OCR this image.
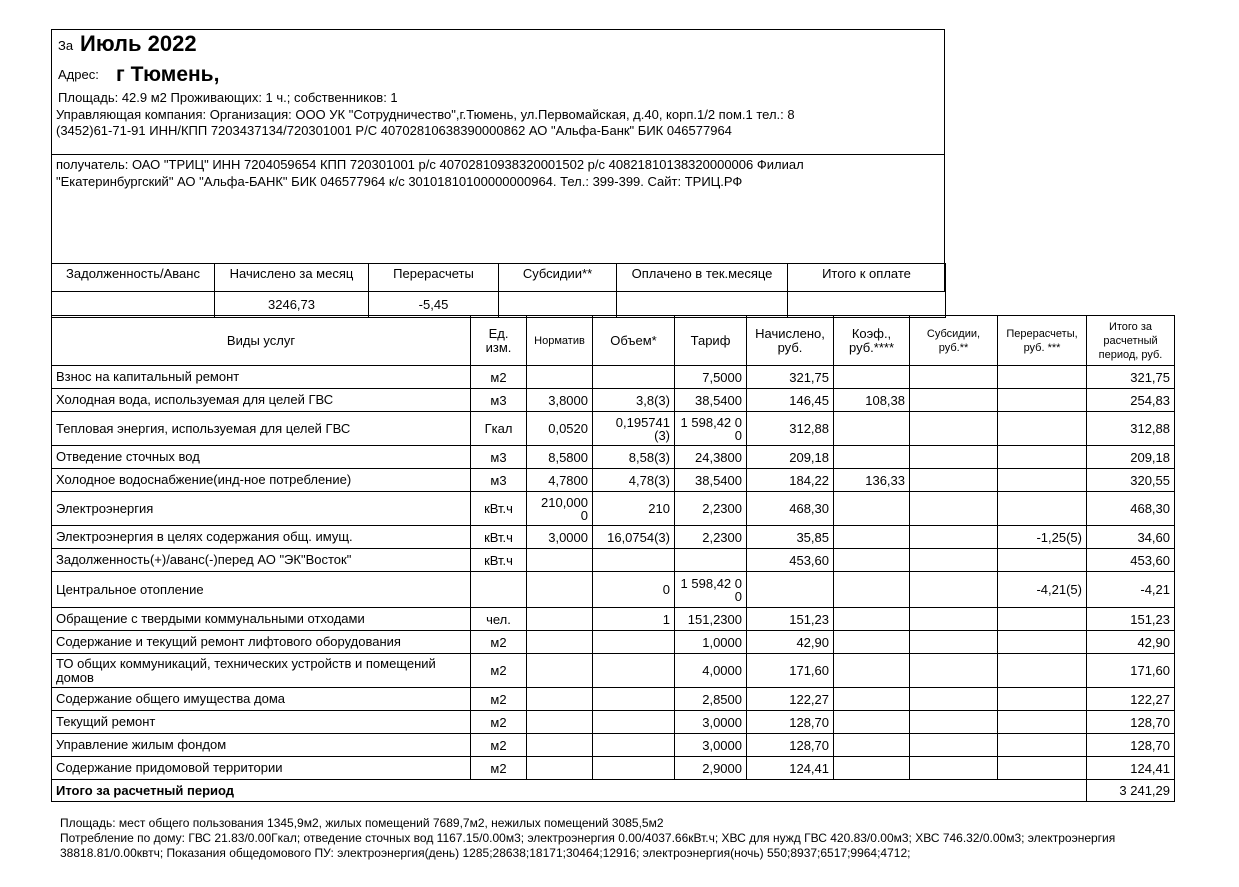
За Июль 2022
Адрес: г Тюмень,
Площадь: 42.9 м2 Проживающих: 1 ч.; собственников: 1
Управляющая компания: Организация: ООО УК "Сотрудничество",г.Тюмень, ул.Первомайская, д.40, корп.1/2 пом.1 тел.: 8
(3452)61-71-91 ИНН/КПП 7203437134/720301001 Р/С 40702810638390000862 АО "Альфа-Банк" БИК 046577964
получатель: ОАО "ТРИЦ" ИНН 7204059654 КПП 720301001 р/с 40702810938320001502 р/с 40821810138320000006 Филиал
"Екатеринбургский" АО "Альфа-БАНК" БИК 046577964 к/с 30101810100000000964. Тел.: 399-399. Сайт: ТРИЦ.РФ
Задолженность/Аванс	Начислено за месяц	Перерасчеты	Субсидии**	Оплачено в тек.месяце	Итого к оплате
	3246,73	-5,45			
Виды услуг	Ед. изм.	Норматив	Объем*	Тариф	Начислено, руб.	Коэф., руб.****	Субсидии, руб.**	Перерасчеты, руб. ***	Итого за расчетный период, руб.
Взнос на капитальный ремонт	м2			7,5000	321,75				321,75
Холодная вода, используемая для целей ГВС	м3	3,8000	3,8(3)	38,5400	146,45	108,38			254,83
Тепловая энергия, используемая для целей ГВС	Гкал	0,0520	0,195741 (3)	1 598,42 00	312,88				312,88
Отведение сточных вод	м3	8,5800	8,58(3)	24,3800	209,18				209,18
Холодное водоснабжение(инд-ное потребление)	м3	4,7800	4,78(3)	38,5400	184,22	136,33			320,55
Электроэнергия	кВт.ч	210,000 0	210	2,2300	468,30				468,30
Электроэнергия в целях содержания общ. имущ.	кВт.ч	3,0000	16,0754(3)	2,2300	35,85			-1,25(5)	34,60
Задолженность(+)/аванс(-)перед АО "ЭК"Восток"	кВт.ч				453,60				453,60
Центральное отопление			0	1 598,42 00				-4,21(5)	-4,21
Обращение с твердыми коммунальными отходами	чел.		1	151,2300	151,23				151,23
Содержание и текущий ремонт лифтового оборудования	м2			1,0000	42,90				42,90
ТО общих коммуникаций, технических устройств и помещений домов	м2			4,0000	171,60				171,60
Содержание общего имущества дома	м2			2,8500	122,27				122,27
Текущий ремонт	м2			3,0000	128,70				128,70
Управление жилым фондом	м2			3,0000	128,70				128,70
Содержание придомовой территории	м2			2,9000	124,41				124,41
Итого за расчетный период									3 241,29
Площадь: мест общего пользования 1345,9м2, жилых помещений 7689,7м2, нежилых помещений 3085,5м2
Потребление по дому: ГВС 21.83/0.00Гкал; отведение сточных вод 1167.15/0.00м3; электроэнергия 0.00/4037.66кВт.ч; ХВС для нужд ГВС 420.83/0.00м3; ХВС 746.32/0.00м3; электроэнергия
38818.81/0.00квтч; Показания общедомового ПУ: электроэнергия(день) 1285;28638;18171;30464;12916; электроэнергия(ночь) 550;8937;6517;9964;4712;
